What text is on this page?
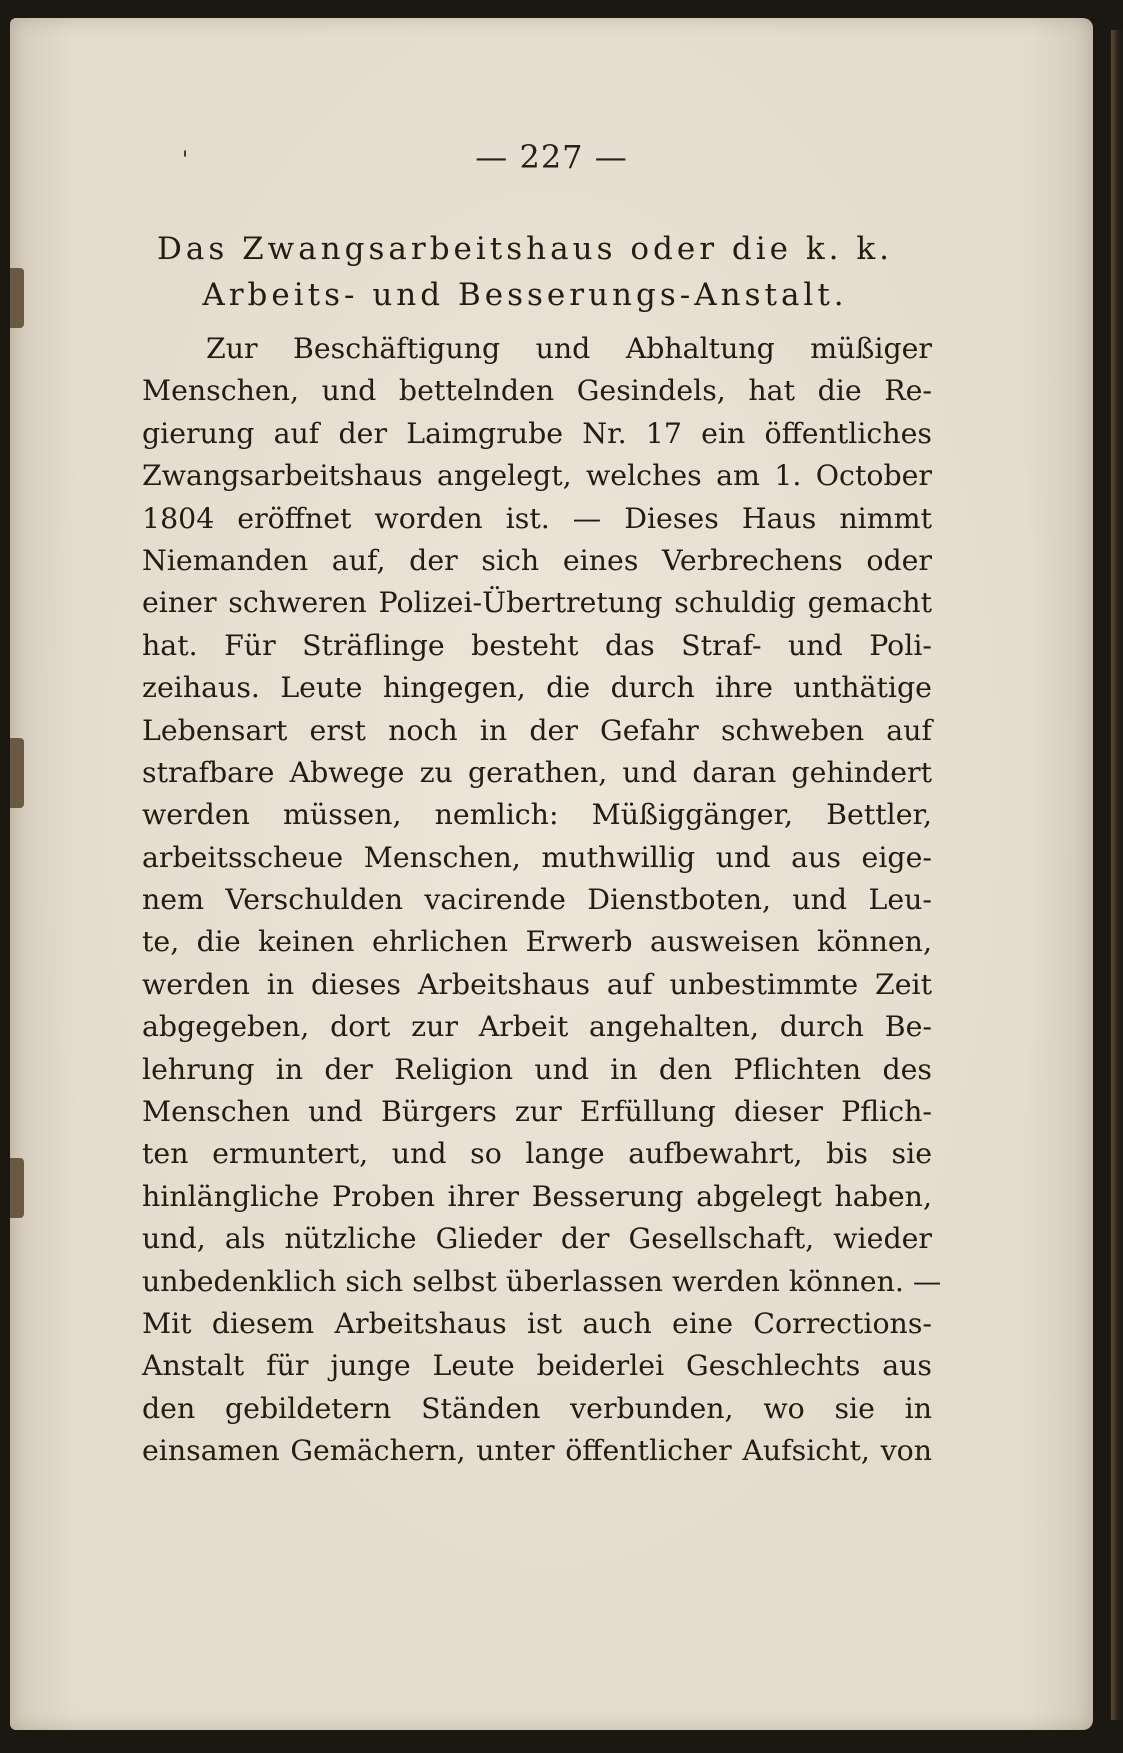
'	— 227 —
Das Zwangsarbeitshaus oder die k. k.
Arbeits- und Besserungs-Anstalt.
Zur Beschäftigung und Abhaltung müßiger
Menschen, und bettelnden Gesindels, hat die Re-
gierung auf der Laimgrube Nr. 17 ein öffentliches
Zwangsarbeitshaus angelegt, welches am 1. October
1804 eröffnet worden ist. — Dieses Haus nimmt
Niemanden auf, der sich eines Verbrechens oder
einer schweren Polizei-Übertretung schuldig gemacht
hat. Für Sträflinge besteht das Straf- und Poli-
zeihaus. Leute hingegen, die durch ihre unthätige
Lebensart erst noch in der Gefahr schweben auf
strafbare Abwege zu gerathen, und daran gehindert
werden müssen, nemlich: Müßiggänger, Bettler,
arbeitsscheue Menschen, muthwillig und aus eige-
nem Verschulden vacirende Dienstboten, und Leu-
te, die keinen ehrlichen Erwerb ausweisen können,
werden in dieses Arbeitshaus auf unbestimmte Zeit
abgegeben, dort zur Arbeit angehalten, durch Be-
lehrung in der Religion und in den Pflichten des
Menschen und Bürgers zur Erfüllung dieser Pflich-
ten ermuntert, und so lange aufbewahrt, bis sie
hinlängliche Proben ihrer Besserung abgelegt haben,
und, als nützliche Glieder der Gesellschaft, wieder
unbedenklich sich selbst überlassen werden können. —
Mit diesem Arbeitshaus ist auch eine Corrections-
Anstalt für junge Leute beiderlei Geschlechts aus
den gebildetern Ständen verbunden, wo sie in
einsamen Gemächern, unter öffentlicher Aufsicht, von
